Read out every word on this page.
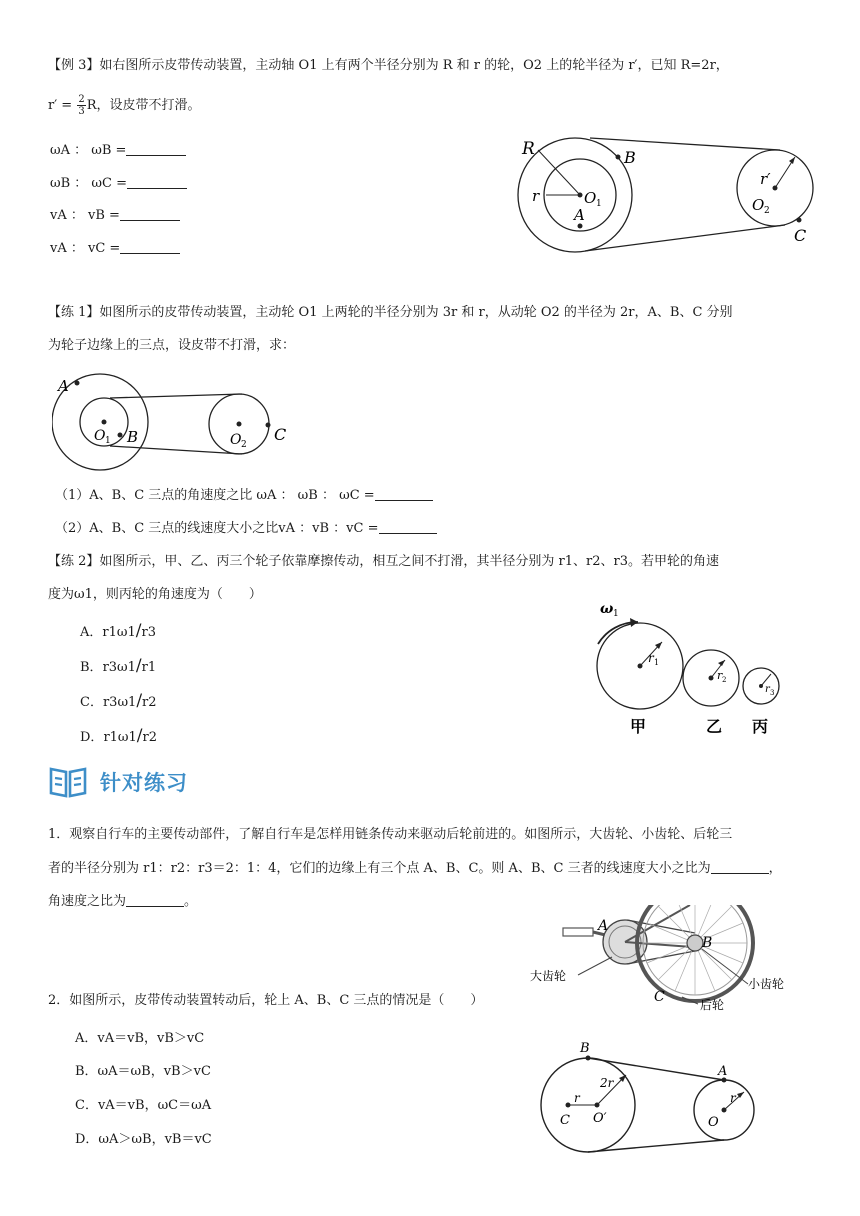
【例 3】如右图所示皮带传动装置，主动轴 O1 上有两个半径分别为 R 和 r 的轮，O2 上的轮半径为 r′，已知 R=2r，
$r' = \frac{2}{3}$ R，设皮带不打滑。
ωA ： ωB =
ωB ： ωC =
vA ： vB =
vA ： vC =
R
r	O 1
A
B
r′
O 2
C
【练 1】如图所示的皮带传动装置，主动轮 O1 上两轮的半径分别为 3r 和 r，从动轮 O2 的半径为 2r，A、B、C 分别
为轮子边缘上的三点，设皮带不打滑，求：
A
O 1 B	O 2
C
（1）A、B、C 三点的角速度之比 ωA ： ωB ： ωC =
（2）A、B、C 三点的线速度大小之比vA ：vB ：vC =
【练 2】如图所示，甲、乙、丙三个轮子依靠摩擦传动，相互之间不打滑，其半径分别为 r1、r2、r3。若甲轮的角速
度为ω1，则丙轮的角速度为（　　）
A．r1ω1/r3
B．r3ω1/r1
C．r3ω1/r2
D．r1ω1/r2
ω 1
r 1
r 2
r 3
甲	乙 丙
针对练习
1．观察自行车的主要传动部件，了解自行车是怎样用链条传动来驱动后轮前进的。如图所示，大齿轮、小齿轮、后轮三
者的半径分别为 r1：r2：r3＝2：1：4，它们的边缘上有三个点 A、B、C。则 A、B、C 三者的线速度大小之比为	，
角速度之比为	。
A
B
C
大齿轮
小齿轮
后轮
2．如图所示，皮带传动装置转动后，轮上 A、B、C 三点的情况是（　　）
A．vA＝vB，vB＞vC
B．ωA＝ωB，vB＞vC
C．vA＝vB，ωC＝ωA
D．ωA＞ωB，vB＝vC
B
2r
r
C O′
r
A
O
